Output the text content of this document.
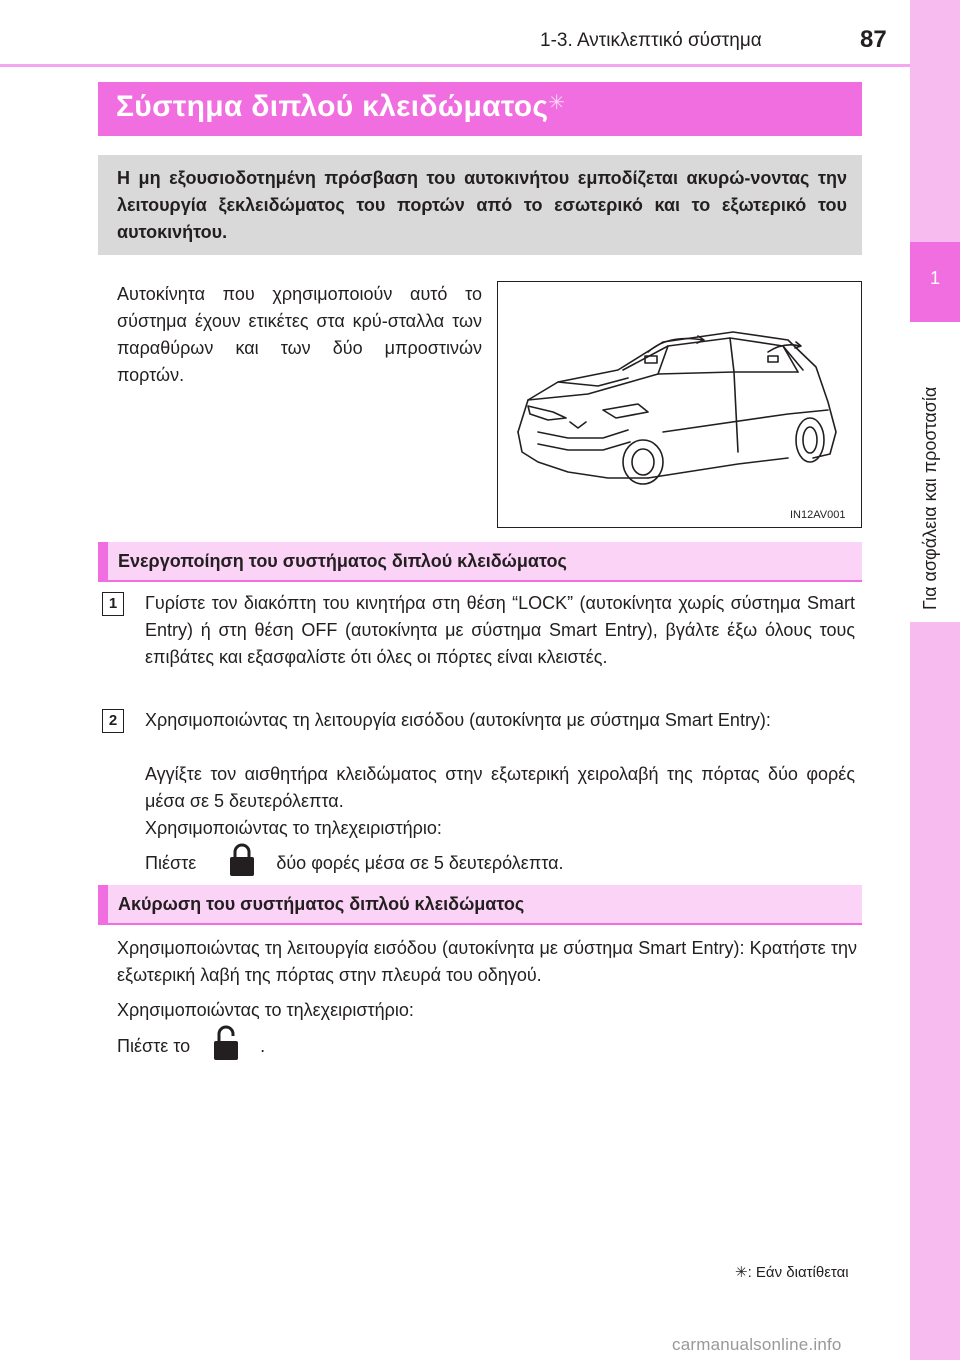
1-3. Αντικλεπτικό σύστημα	87
1
Για ασφάλεια και προστασία
Σύστημα διπλού κλειδώματος✳
Η μη εξουσιοδοτημένη πρόσβαση του αυτοκινήτου εμποδίζεται ακυρώ-νοντας την λειτουργία ξεκλειδώματος του πορτών από το εσωτερικό και το εξωτερικό του αυτοκινήτου.
Αυτοκίνητα που χρησιμοποιούν αυτό το σύστημα έχουν ετικέτες στα κρύ-σταλλα των παραθύρων και των δύο μπροστινών πορτών.
IN12AV001
Ενεργοποίηση του συστήματος διπλού κλειδώματος
1	Γυρίστε τον διακόπτη του κινητήρα στη θέση “LOCK” (αυτοκίνητα χωρίς σύστημα Smart Entry) ή στη θέση OFF (αυτοκίνητα με σύστημα Smart Entry), βγάλτε έξω όλους τους επιβάτες και εξασφαλίστε ότι όλες οι πόρτες είναι κλειστές.
2	Χρησιμοποιώντας τη λειτουργία εισόδου (αυτοκίνητα με σύστημα Smart Entry):
Αγγίξτε τον αισθητήρα κλειδώματος στην εξωτερική χειρολαβή της πόρτας δύο φορές μέσα σε 5 δευτερόλεπτα.
Χρησιμοποιώντας το τηλεχειριστήριο:
Πιέστε	δύο φορές μέσα σε 5 δευτερόλεπτα.
Ακύρωση του συστήματος διπλού κλειδώματος
Χρησιμοποιώντας τη λειτουργία εισόδου (αυτοκίνητα με σύστημα Smart Entry): Κρατήστε την εξωτερική λαβή της πόρτας στην πλευρά του οδηγού.
Χρησιμοποιώντας το τηλεχειριστήριο:
Πιέστε το	.
✳: Εάν διατίθεται
carmanualsonline.info
